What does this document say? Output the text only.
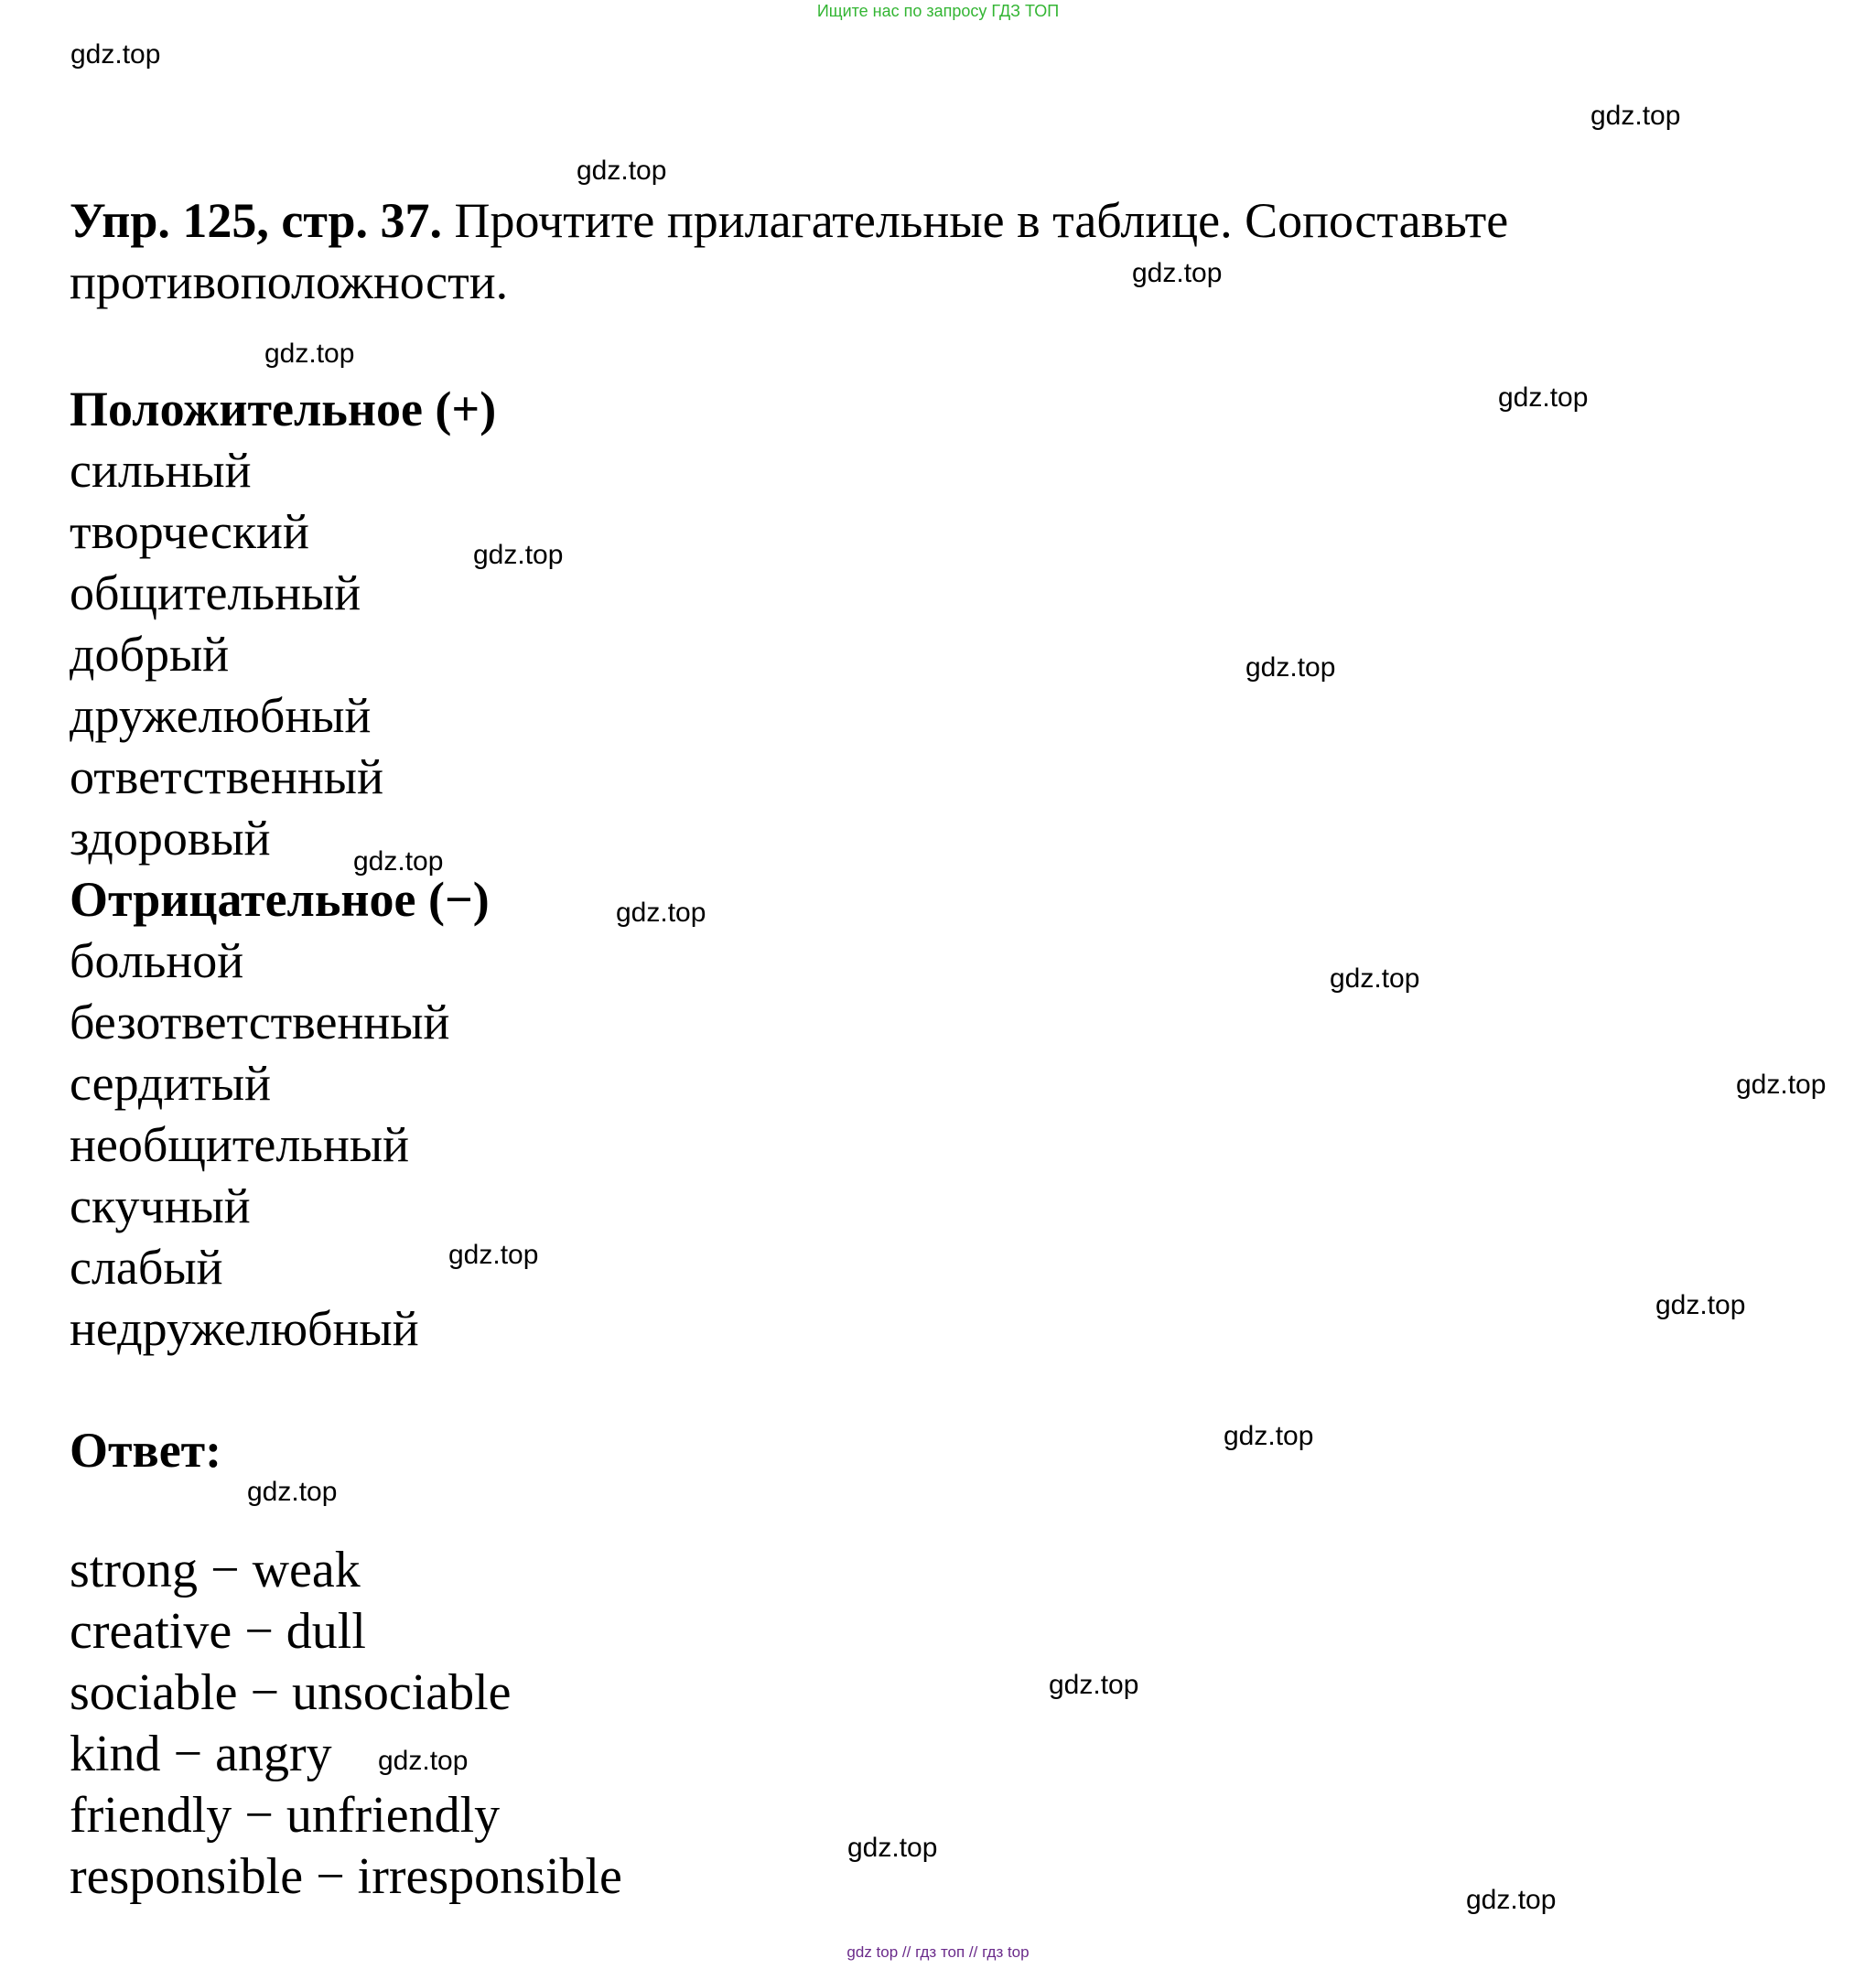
Ищите нас по запросу ГДЗ ТОП

Упр. 125, стр. 37. Прочтите прилагательные в таблице. Сопоставьте противоположности.

Положительное (+)
сильный
творческий
общительный
добрый
дружелюбный
ответственный
здоровый
Отрицательное (−)
больной
безответственный
сердитый
необщительный
скучный
слабый
недружелюбный
Ответ:
strong − weak
creative − dull
sociable − unsociable
kind − angry
friendly − unfriendly
responsible − irresponsible
gdz.top
gdz.top
gdz.top
gdz.top
gdz.top
gdz.top
gdz.top
gdz.top
gdz.top
gdz.top
gdz.top
gdz.top
gdz.top
gdz.top
gdz.top
gdz.top
gdz.top
gdz.top
gdz.top
gdz.top
gdz top // гдз топ // гдз top
